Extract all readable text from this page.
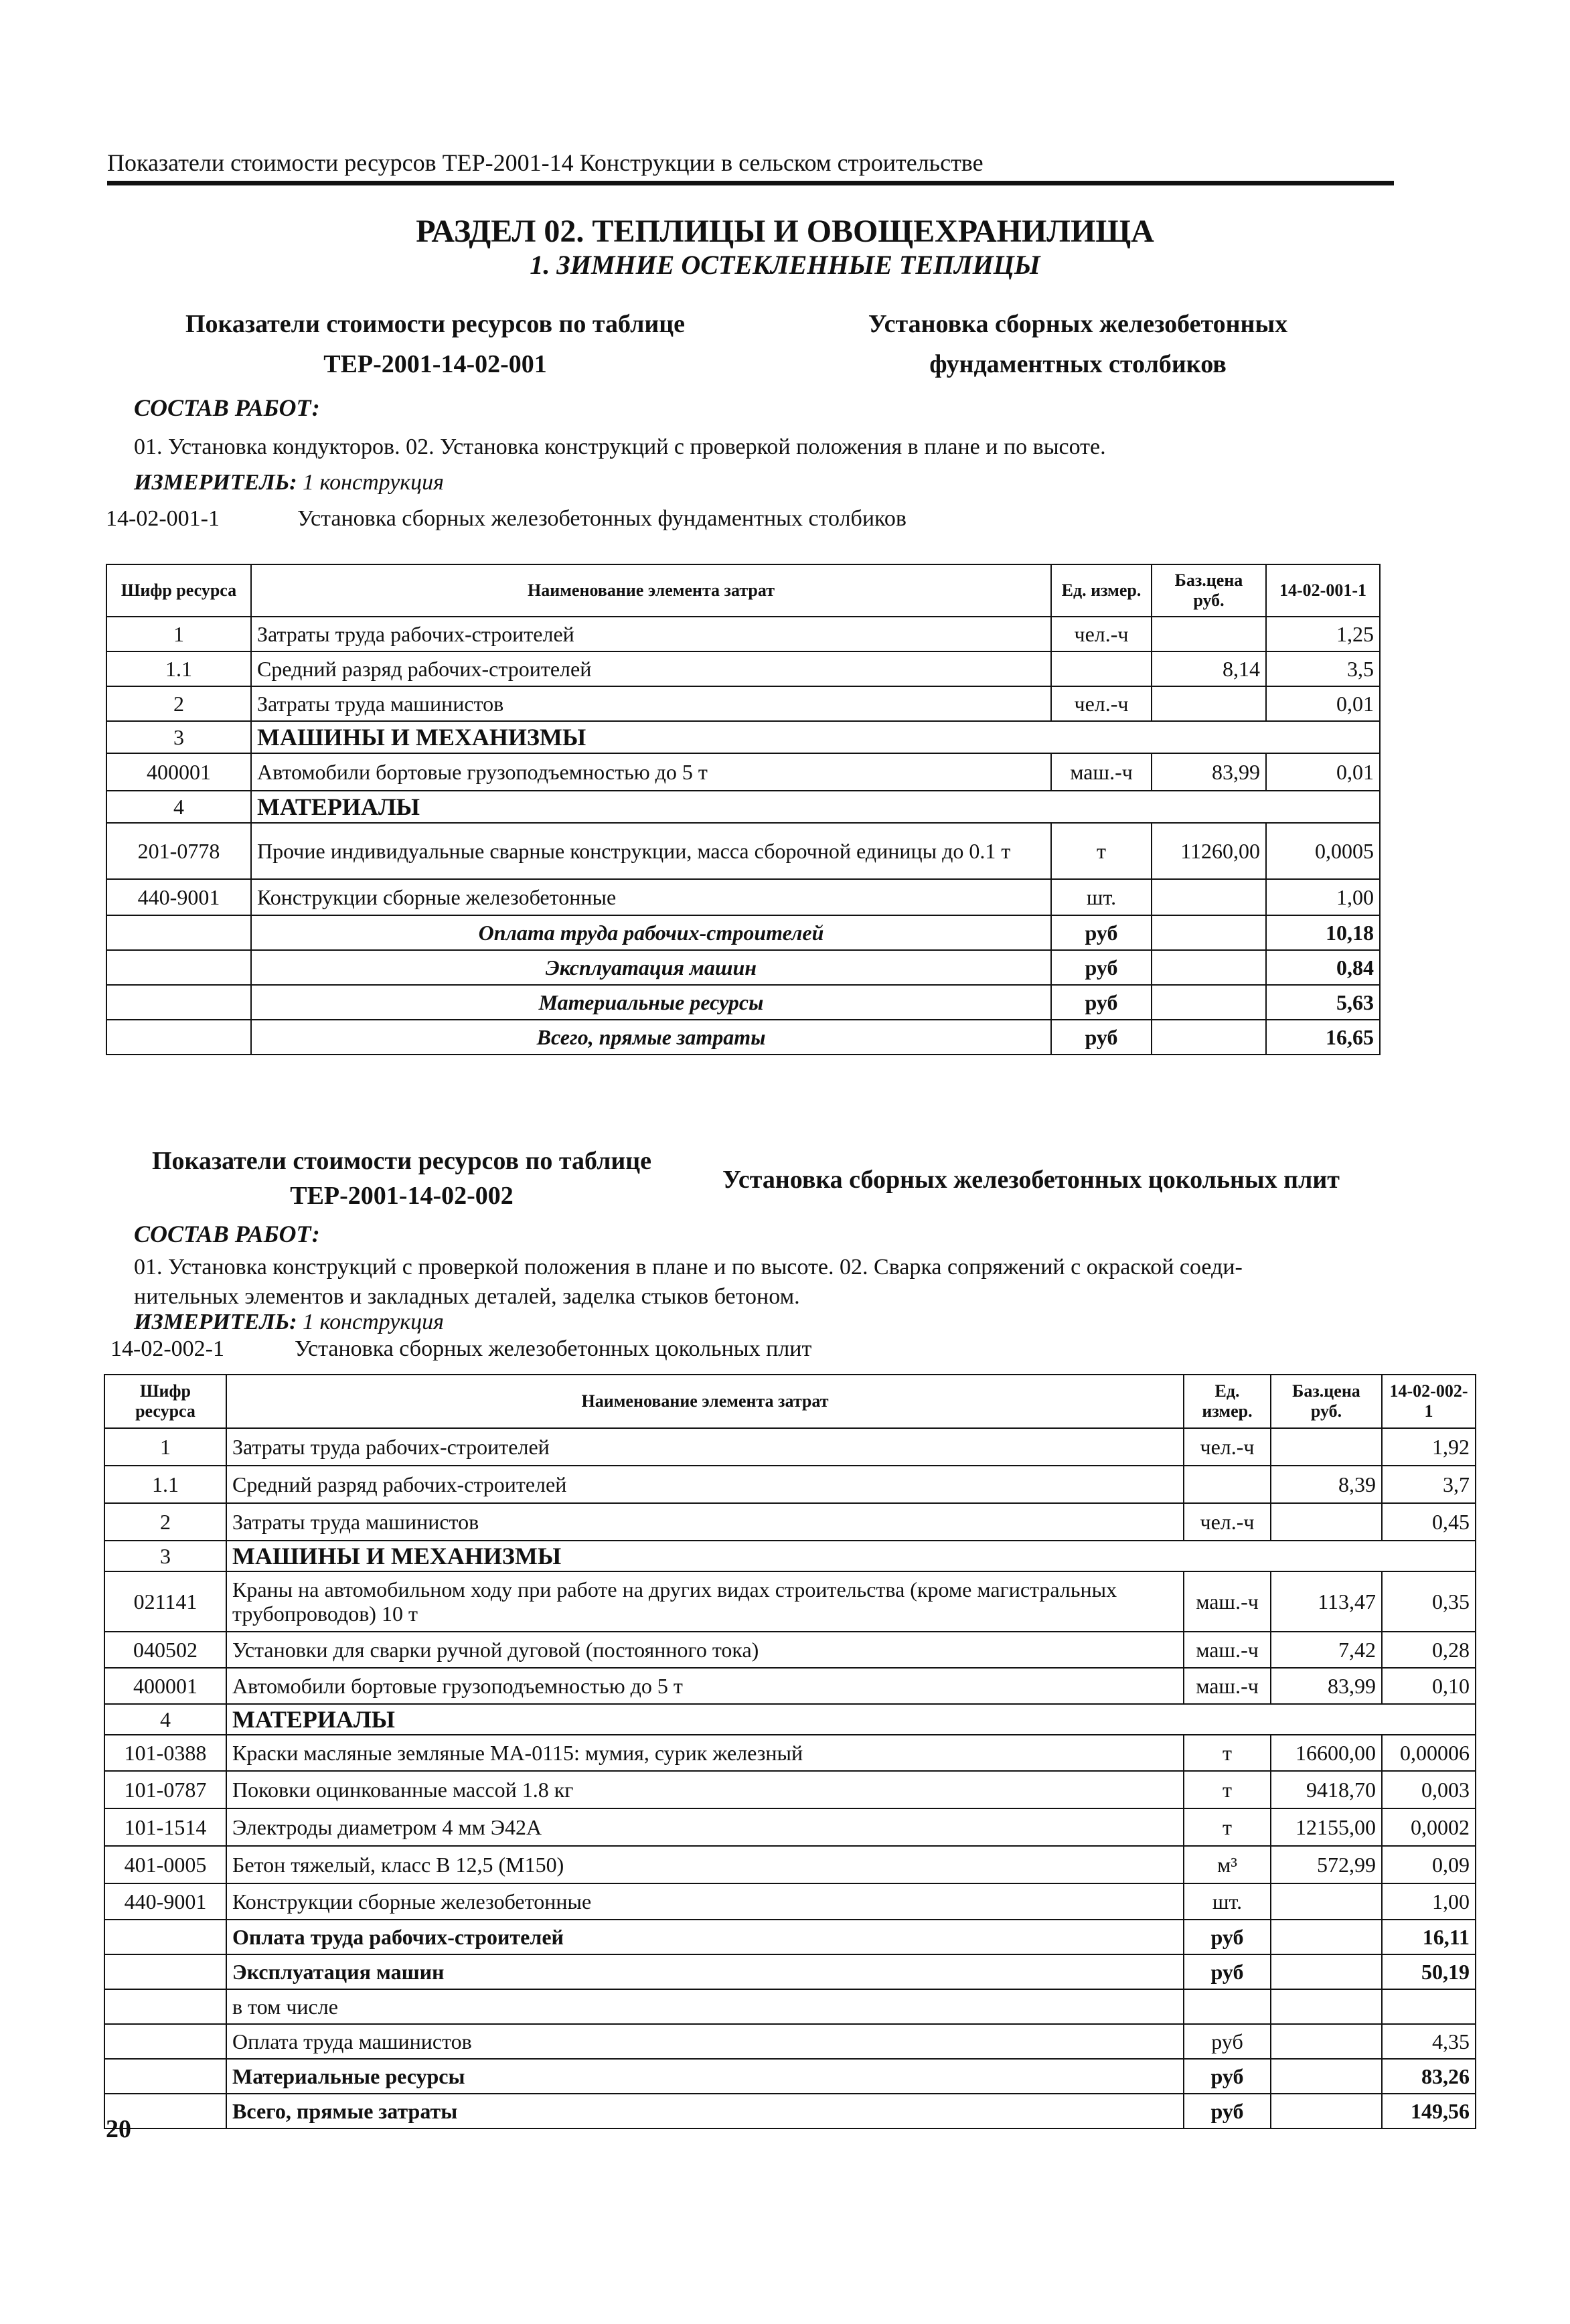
Показатели стоимости ресурсов ТЕР-2001-14 Конструкции в сельском строительстве
РАЗДЕЛ 02. ТЕПЛИЦЫ И ОВОЩЕХРАНИЛИЩА
1. ЗИМНИЕ ОСТЕКЛЕННЫЕ ТЕПЛИЦЫ
Показатели стоимости ресурсов по таблице
ТЕР-2001-14-02-001
Установка сборных железобетонных
фундаментных столбиков
СОСТАВ РАБОТ:
01. Установка кондукторов. 02. Установка конструкций с проверкой положения в плане и по высоте.
ИЗМЕРИТЕЛЬ: 1 конструкция
14-02-001-1	Установка сборных железобетонных фундаментных столбиков
Шифр ресурса	Наименование элемента затрат	Ед. измер.	Баз.цена руб.	14-02-001-1
1	Затраты труда рабочих-строителей	чел.-ч		1,25
1.1	Средний разряд рабочих-строителей		8,14	3,5
2	Затраты труда машинистов	чел.-ч		0,01
3	МАШИНЫ И МЕХАНИЗМЫ			
400001	Автомобили бортовые грузоподъемностью до 5 т	маш.-ч	83,99	0,01
4	МАТЕРИАЛЫ			
201-0778	Прочие индивидуальные сварные конструкции, масса сборочной единицы до 0.1 т	т	11260,00	0,0005
440-9001	Конструкции сборные железобетонные	шт.		1,00
	Оплата труда рабочих-строителей	руб		10,18
	Эксплуатация машин	руб		0,84
	Материальные ресурсы	руб		5,63
	Всего, прямые затраты	руб		16,65
Показатели стоимости ресурсов по таблице
ТЕР-2001-14-02-002
Установка сборных железобетонных цокольных плит
СОСТАВ РАБОТ:
01. Установка конструкций с проверкой положения в плане и по высоте. 02. Сварка сопряжений с окраской соеди-
нительных элементов и закладных деталей, заделка стыков бетоном.
ИЗМЕРИТЕЛЬ: 1 конструкция
14-02-002-1	Установка сборных железобетонных цокольных плит
Шифр ресурса	Наименование элемента затрат	Ед. измер.	Баз.цена руб.	14-02-002-1
1	Затраты труда рабочих-строителей	чел.-ч		1,92
1.1	Средний разряд рабочих-строителей		8,39	3,7
2	Затраты труда машинистов	чел.-ч		0,45
3	МАШИНЫ И МЕХАНИЗМЫ			
021141	Краны на автомобильном ходу при работе на других видах строительства (кроме магистральных трубопроводов) 10 т	маш.-ч	113,47	0,35
040502	Установки для сварки ручной дуговой (постоянного тока)	маш.-ч	7,42	0,28
400001	Автомобили бортовые грузоподъемностью до 5 т	маш.-ч	83,99	0,10
4	МАТЕРИАЛЫ			
101-0388	Краски масляные земляные МА-0115: мумия, сурик железный	т	16600,00	0,00006
101-0787	Поковки оцинкованные массой 1.8 кг	т	9418,70	0,003
101-1514	Электроды диаметром 4 мм Э42А	т	12155,00	0,0002
401-0005	Бетон тяжелый, класс В 12,5 (М150)	м³	572,99	0,09
440-9001	Конструкции сборные железобетонные	шт.		1,00
	Оплата труда рабочих-строителей	руб		16,11
	Эксплуатация машин	руб		50,19
	в том числе			
	Оплата труда машинистов	руб		4,35
	Материальные ресурсы	руб		83,26
	Всего, прямые затраты	руб		149,56
20
